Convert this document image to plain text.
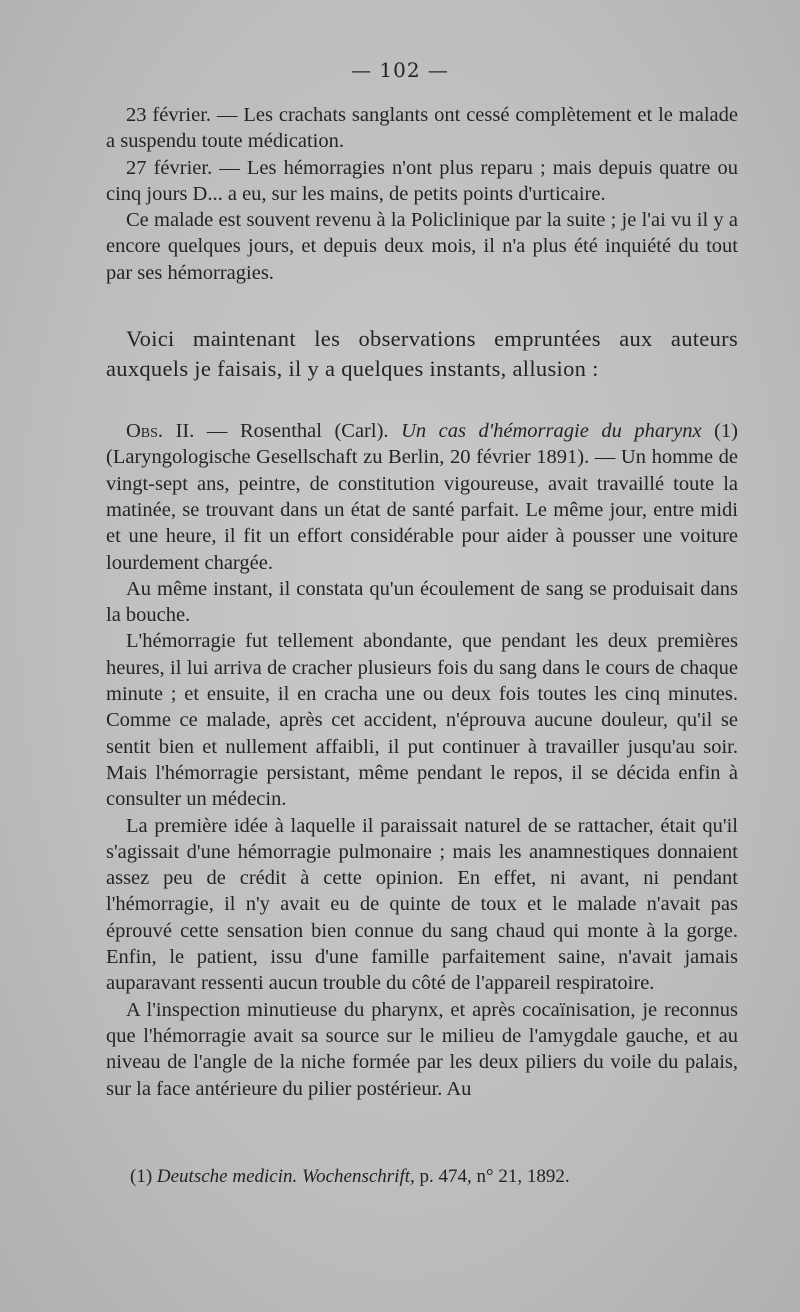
— 102 —

23 février. — Les crachats sanglants ont cessé complètement et le malade a suspendu toute médication.

27 février. — Les hémorragies n'ont plus reparu ; mais depuis quatre ou cinq jours D... a eu, sur les mains, de petits points d'urticaire.

Ce malade est souvent revenu à la Policlinique par la suite ; je l'ai vu il y a encore quelques jours, et depuis deux mois, il n'a plus été inquiété du tout par ses hémorragies.

Voici maintenant les observations empruntées aux auteurs auxquels je faisais, il y a quelques instants, allusion :

Obs. II. — Rosenthal (Carl). Un cas d'hémorragie du pharynx (1) (Laryngologische Gesellschaft zu Berlin, 20 février 1891). — Un homme de vingt-sept ans, peintre, de constitution vigoureuse, avait travaillé toute la matinée, se trouvant dans un état de santé parfait. Le même jour, entre midi et une heure, il fit un effort considérable pour aider à pousser une voiture lourdement chargée.

Au même instant, il constata qu'un écoulement de sang se produisait dans la bouche.

L'hémorragie fut tellement abondante, que pendant les deux premières heures, il lui arriva de cracher plusieurs fois du sang dans le cours de chaque minute ; et ensuite, il en cracha une ou deux fois toutes les cinq minutes. Comme ce malade, après cet accident, n'éprouva aucune douleur, qu'il se sentit bien et nullement affaibli, il put continuer à travailler jusqu'au soir. Mais l'hémorragie persistant, même pendant le repos, il se décida enfin à consulter un médecin.

La première idée à laquelle il paraissait naturel de se rattacher, était qu'il s'agissait d'une hémorragie pulmonaire ; mais les anamnestiques donnaient assez peu de crédit à cette opinion. En effet, ni avant, ni pendant l'hémorragie, il n'y avait eu de quinte de toux et le malade n'avait pas éprouvé cette sensation bien connue du sang chaud qui monte à la gorge. Enfin, le patient, issu d'une famille parfaitement saine, n'avait jamais auparavant ressenti aucun trouble du côté de l'appareil respiratoire.

A l'inspection minutieuse du pharynx, et après cocaïnisation, je reconnus que l'hémorragie avait sa source sur le milieu de l'amygdale gauche, et au niveau de l'angle de la niche formée par les deux piliers du voile du palais, sur la face antérieure du pilier postérieur. Au

(1) Deutsche medicin. Wochenschrift, p. 474, n° 21, 1892.
